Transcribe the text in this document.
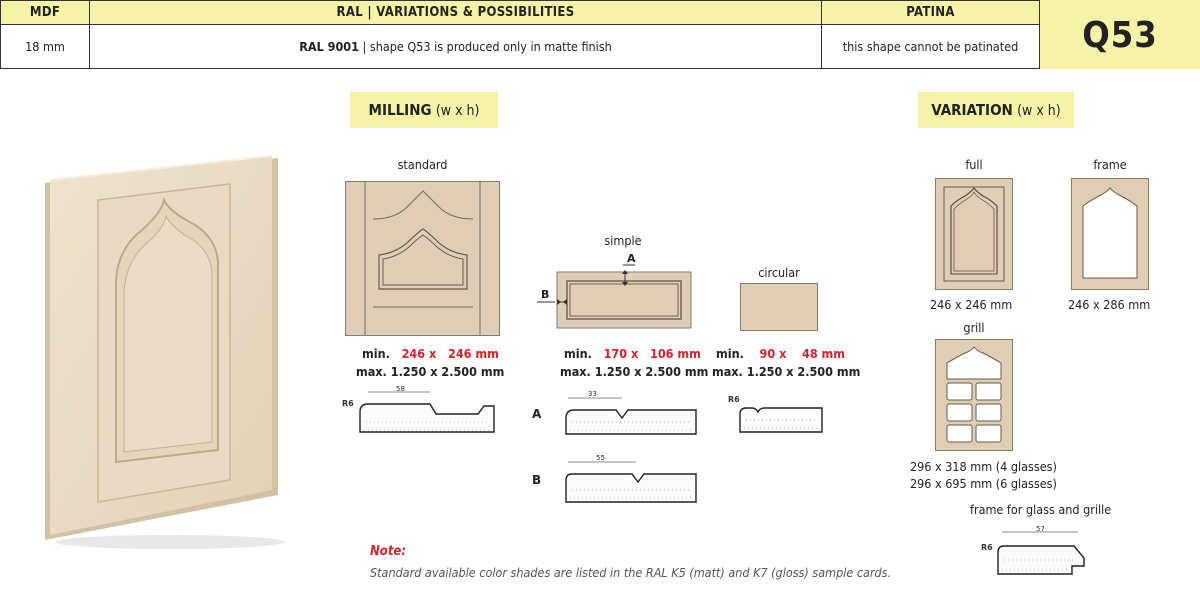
MDF	RAL | VARIATIONS & POSSIBILITIES	PATINA
18 mm	RAL 9001 | shape Q53 is produced only in matte finish	this shape cannot be patinated	Q53
MILLING (w x h)
standard
min. 246 x 246 mm
max. 1.250 x 2.500 mm
R6
58
simple
A
B
min. 170 x 106 mm
max. 1.250 x 2.500 mm
A
33
B
55
circular
min. 90 x 48 mm
max. 1.250 x 2.500 mm
R6
VARIATION (w x h)
full
246 x 246 mm
frame
246 x 286 mm
grill
296 x 318 mm (4 glasses)
296 x 695 mm (6 glasses)
frame for glass and grille
R6
57
Note:
Standard available color shades are listed in the RAL K5 (matt) and K7 (gloss) sample cards.
